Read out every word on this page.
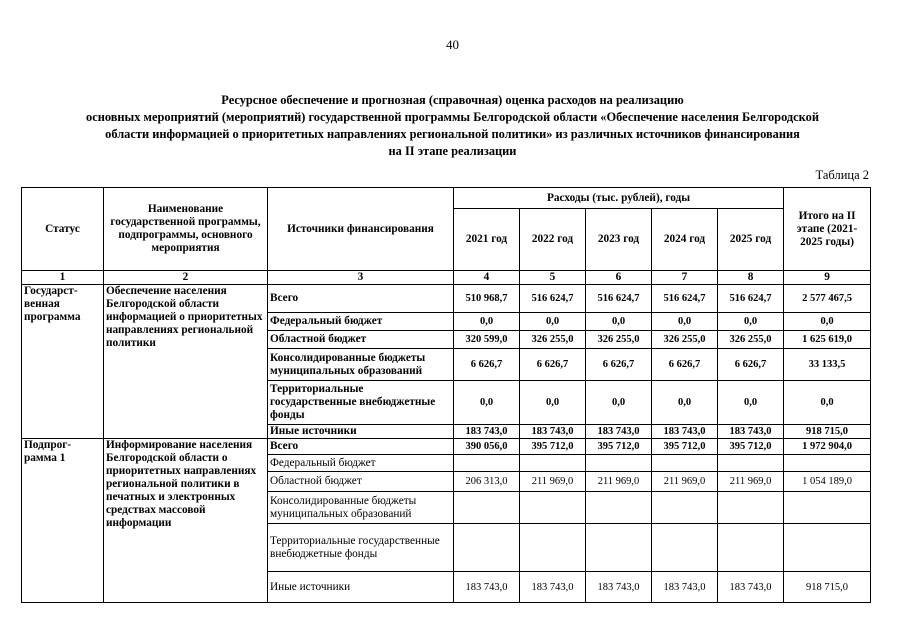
40
Ресурсное обеспечение и прогнозная (справочная) оценка расходов на реализацию
основных мероприятий (мероприятий) государственной программы Белгородской области «Обеспечение населения Белгородской
области информацией о приоритетных направлениях региональной политики» из различных источников финансирования
на II этапе реализации
Таблица 2
Статус	Наименование государственной программы, подпрограммы, основного мероприятия	Источники финансирования	Расходы (тыс. рублей), годы					Итого на II этапе (2021-2025 годы)
			2021 год	2022 год	2023 год	2024 год	2025 год	
1	2	3	4	5	6	7	8	9
Государст-венная программа	Обеспечение населения Белгородской области информацией о приоритетных направлениях региональной политики	Всего	510 968,7	516 624,7	516 624,7	516 624,7	516 624,7	2 577 467,5
		Федеральный бюджет	0,0	0,0	0,0	0,0	0,0	0,0
		Областной бюджет	320 599,0	326 255,0	326 255,0	326 255,0	326 255,0	1 625 619,0
		Консолидированные бюджеты муниципальных образований	6 626,7	6 626,7	6 626,7	6 626,7	6 626,7	33 133,5
		Территориальные государственные внебюджетные фонды	0,0	0,0	0,0	0,0	0,0	0,0
		Иные источники	183 743,0	183 743,0	183 743,0	183 743,0	183 743,0	918 715,0
Подпрог-рамма 1	Информирование населения Белгородской области о приоритетных направлениях региональной политики в печатных и электронных средствах массовой информации	Всего	390 056,0	395 712,0	395 712,0	395 712,0	395 712,0	1 972 904,0
		Федеральный бюджет						
		Областной бюджет	206 313,0	211 969,0	211 969,0	211 969,0	211 969,0	1 054 189,0
		Консолидированные бюджеты муниципальных образований						
		Территориальные государственные внебюджетные фонды						
		Иные источники	183 743,0	183 743,0	183 743,0	183 743,0	183 743,0	918 715,0
